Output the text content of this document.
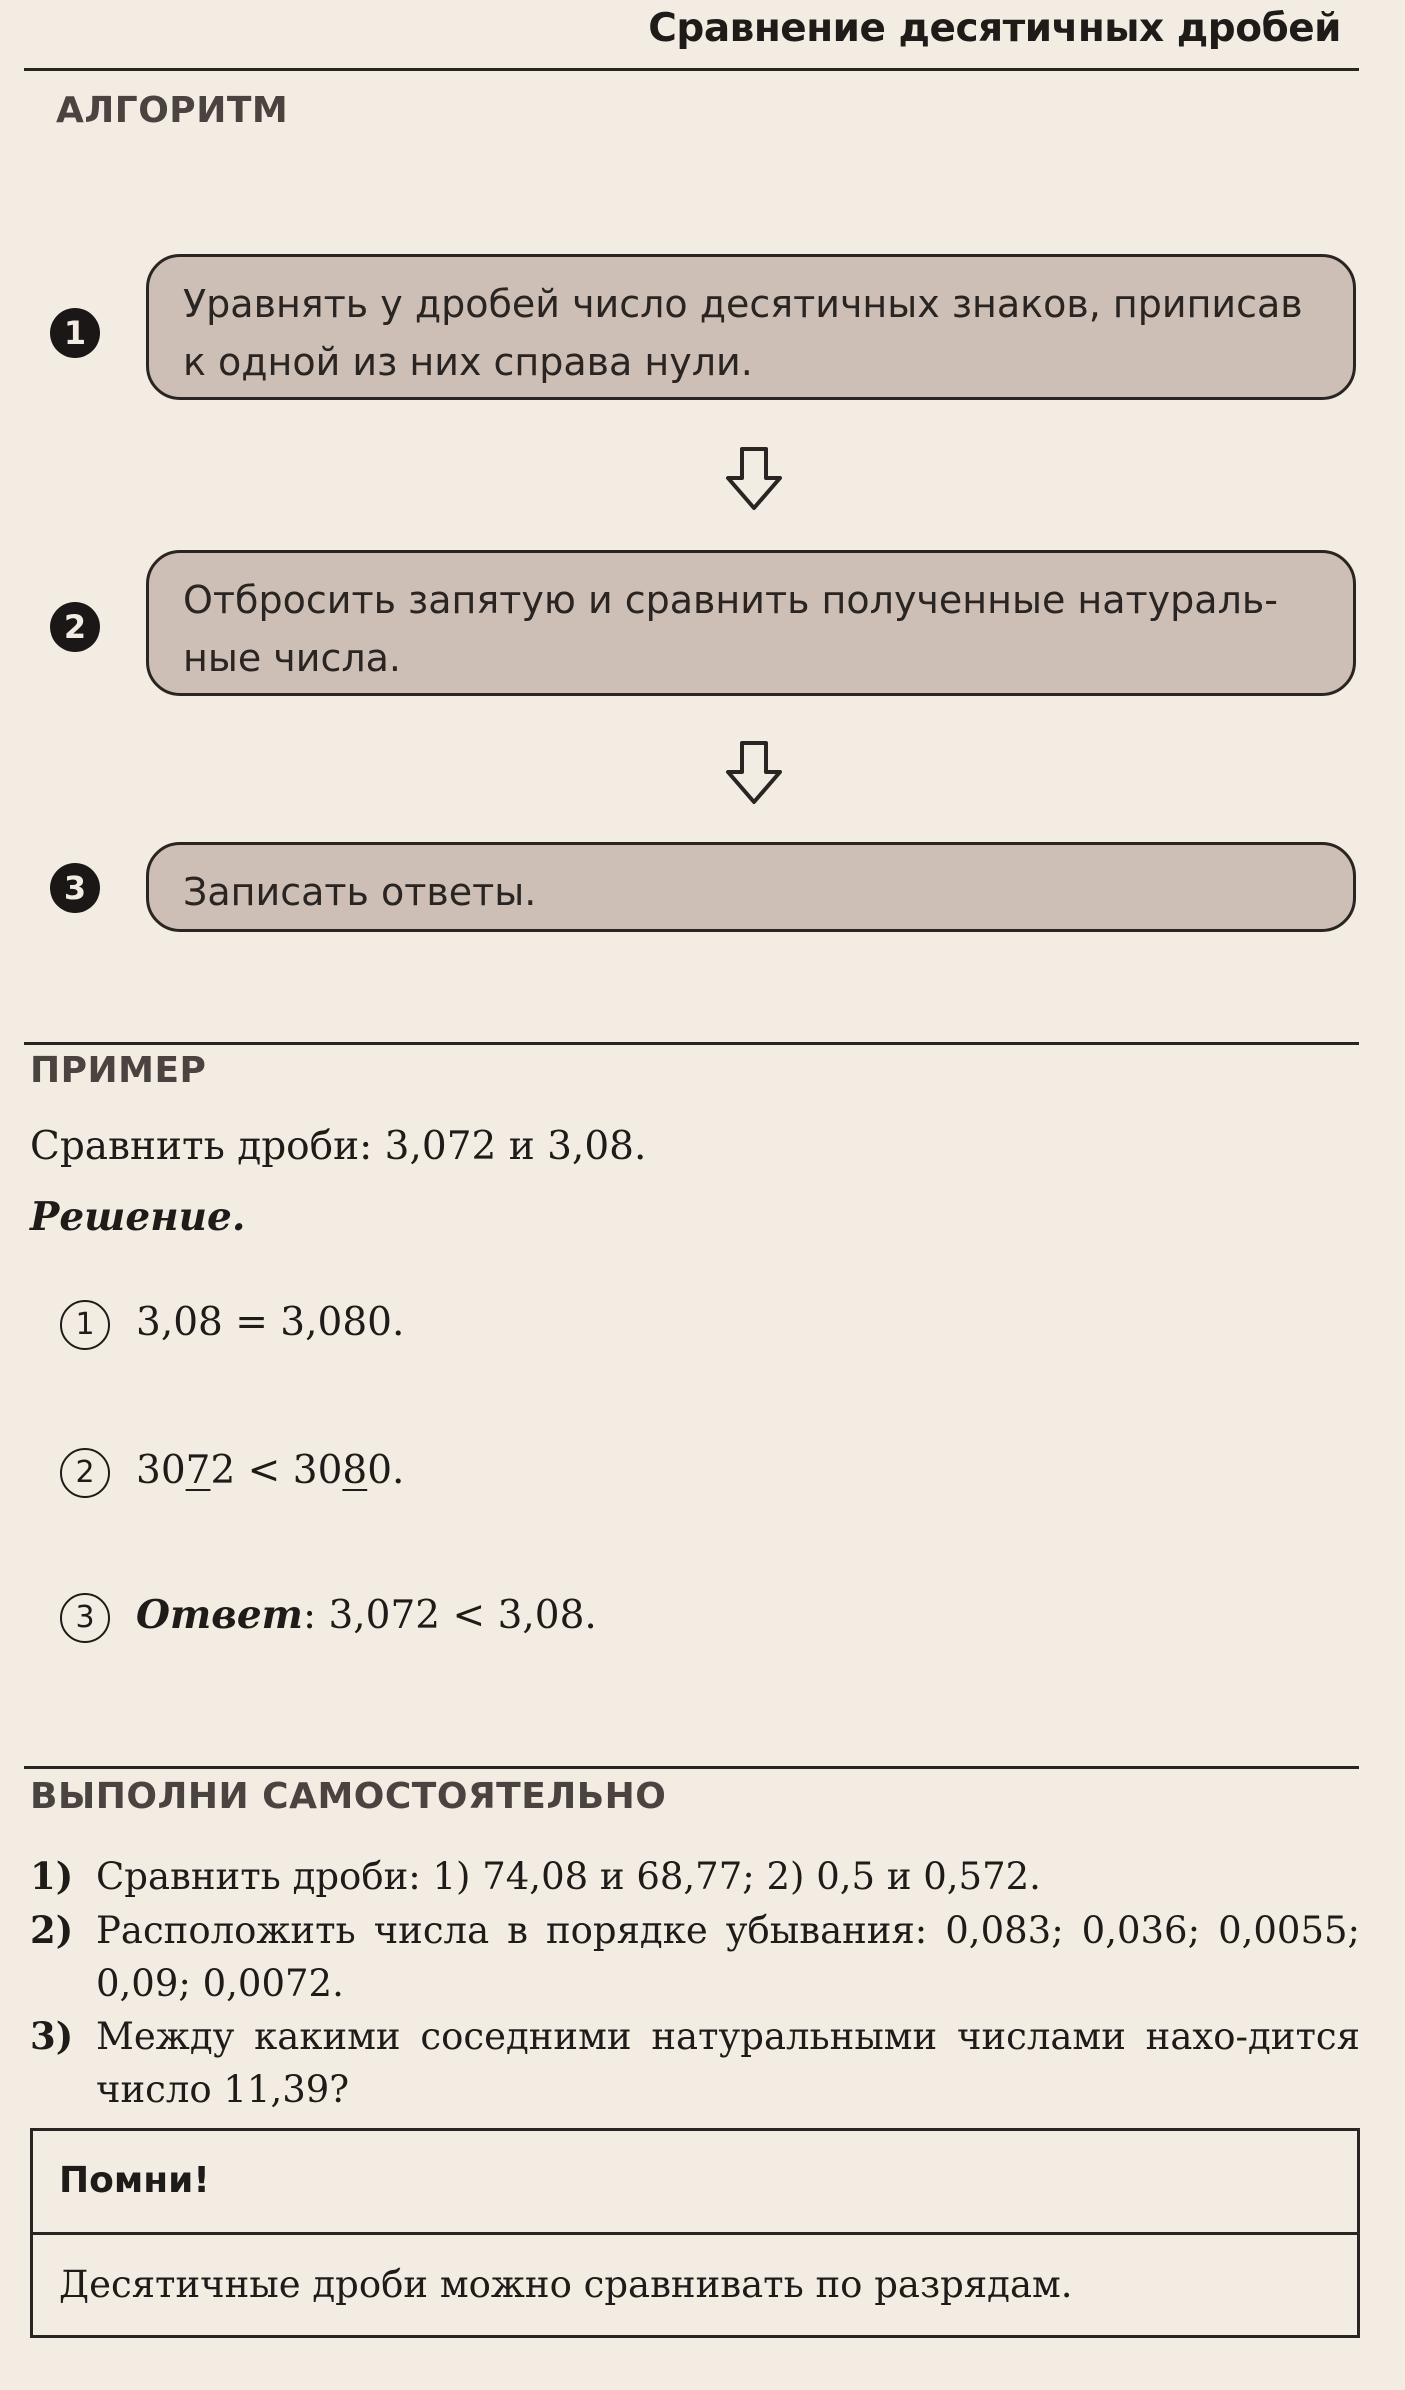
Сравнение десятичных дробей
АЛГОРИТМ
1
Уравнять у дробей число десятичных знаков, приписав к одной из них справа нули.
2
Отбросить запятую и сравнить полученные натураль-ные числа.
3	Записать ответы.
ПРИМЕР
Сравнить дроби: 3,072 и 3,08.
Решение.
1 3,08 = 3,080.
2 3072 < 3080.
3 Ответ: 3,072 < 3,08.
ВЫПОЛНИ САМОСТОЯТЕЛЬНО
1) Сравнить дроби: 1) 74,08 и 68,77; 2) 0,5 и 0,572.
2) Расположить числа в порядке убывания: 0,083; 0,036; 0,0055; 0,09; 0,0072.
3) Между какими соседними натуральными числами нахо-дится число 11,39?
Помни!
Десятичные дроби можно сравнивать по разрядам.
